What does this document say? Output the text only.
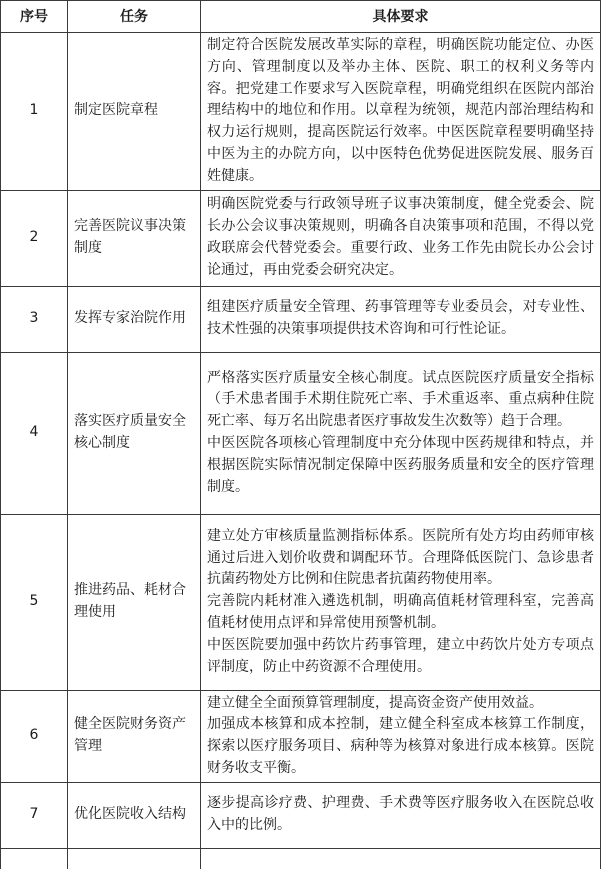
序号	任务	具体要求
1	制定医院章程	制定符合医院发展改革实际的章程，明确医院功能定位、办医方向、管理制度以及举办主体、医院、职工的权利义务等内容。把党建工作要求写入医院章程，明确党组织在医院内部治理结构中的地位和作用。以章程为统领，规范内部治理结构和权力运行规则，提高医院运行效率。中医医院章程要明确坚持中医为主的办院方向，以中医特色优势促进医院发展、服务百姓健康。

2	完善医院议事决策制度	明确医院党委与行政领导班子议事决策制度，健全党委会、院长办公会议事决策规则，明确各自决策事项和范围，不得以党政联席会代替党委会。重要行政、业务工作先由院长办公会讨论通过，再由党委会研究决定。

3	发挥专家治院作用	组建医疗质量安全管理、药事管理等专业委员会，对专业性、技术性强的决策事项提供技术咨询和可行性论证。

4	落实医疗质量安全核心制度	严格落实医疗质量安全核心制度。试点医院医疗质量安全指标（手术患者围手术期住院死亡率、手术重返率、重点病种住院死亡率、每万名出院患者医疗事故发生次数等）趋于合理。

中医医院各项核心管理制度中充分体现中医药规律和特点，并根据医院实际情况制定保障中医药服务质量和安全的医疗管理制度。

5	推进药品、耗材合理使用	建立处方审核质量监测指标体系。医院所有处方均由药师审核通过后进入划价收费和调配环节。合理降低医院门、急诊患者抗菌药物处方比例和住院患者抗菌药物使用率。

完善院内耗材准入遴选机制，明确高值耗材管理科室，完善高值耗材使用点评和异常使用预警机制。

中医医院要加强中药饮片药事管理，建立中药饮片处方专项点评制度，防止中药资源不合理使用。

6	健全医院财务资产管理	建立健全全面预算管理制度，提高资金资产使用效益。

加强成本核算和成本控制，建立健全科室成本核算工作制度，探索以医疗服务项目、病种等为核算对象进行成本核算。医院财务收支平衡。

7	优化医院收入结构	逐步提高诊疗费、护理费、手术费等医疗服务收入在医院总收入中的比例。
